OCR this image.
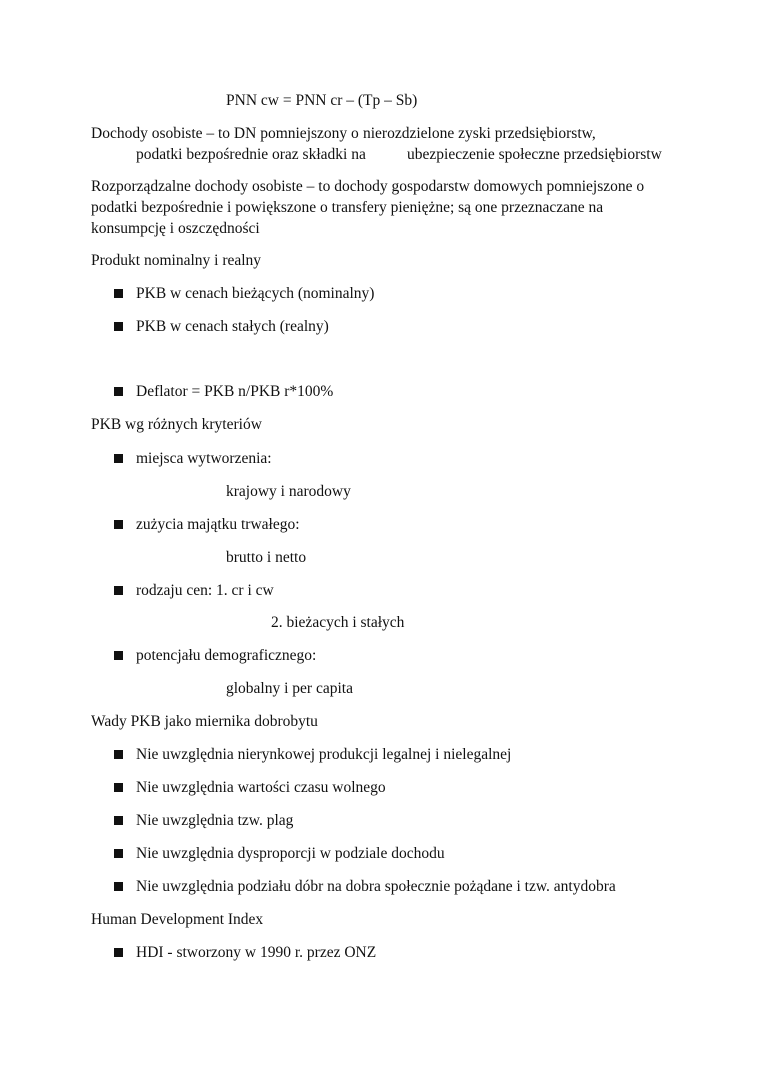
PNN cw = PNN cr – (Tp – Sb)
Dochody osobiste – to DN pomniejszony o nierozdzielone zyski przedsiębiorstw,
podatki bezpośrednie oraz składki na	ubezpieczenie społeczne przedsiębiorstw
Rozporządzalne dochody osobiste – to dochody gospodarstw domowych pomniejszone o
podatki bezpośrednie i powiększone o transfery pieniężne; są one przeznaczane na
konsumpcję i oszczędności
Produkt nominalny i realny
PKB w cenach bieżących (nominalny)
PKB w cenach stałych (realny)
Deflator = PKB n/PKB r*100%
PKB wg różnych kryteriów
miejsca wytworzenia:
krajowy i narodowy
zużycia majątku trwałego:
brutto i netto
rodzaju cen: 1. cr i cw
2. bieżacych i stałych
potencjału demograficznego:
globalny i per capita
Wady PKB jako miernika dobrobytu
Nie uwzględnia nierynkowej produkcji legalnej i nielegalnej
Nie uwzględnia wartości czasu wolnego
Nie uwzględnia tzw. plag
Nie uwzględnia dysproporcji w podziale dochodu
Nie uwzględnia podziału dóbr na dobra społecznie pożądane i tzw. antydobra
Human Development Index
HDI - stworzony w 1990 r. przez ONZ
